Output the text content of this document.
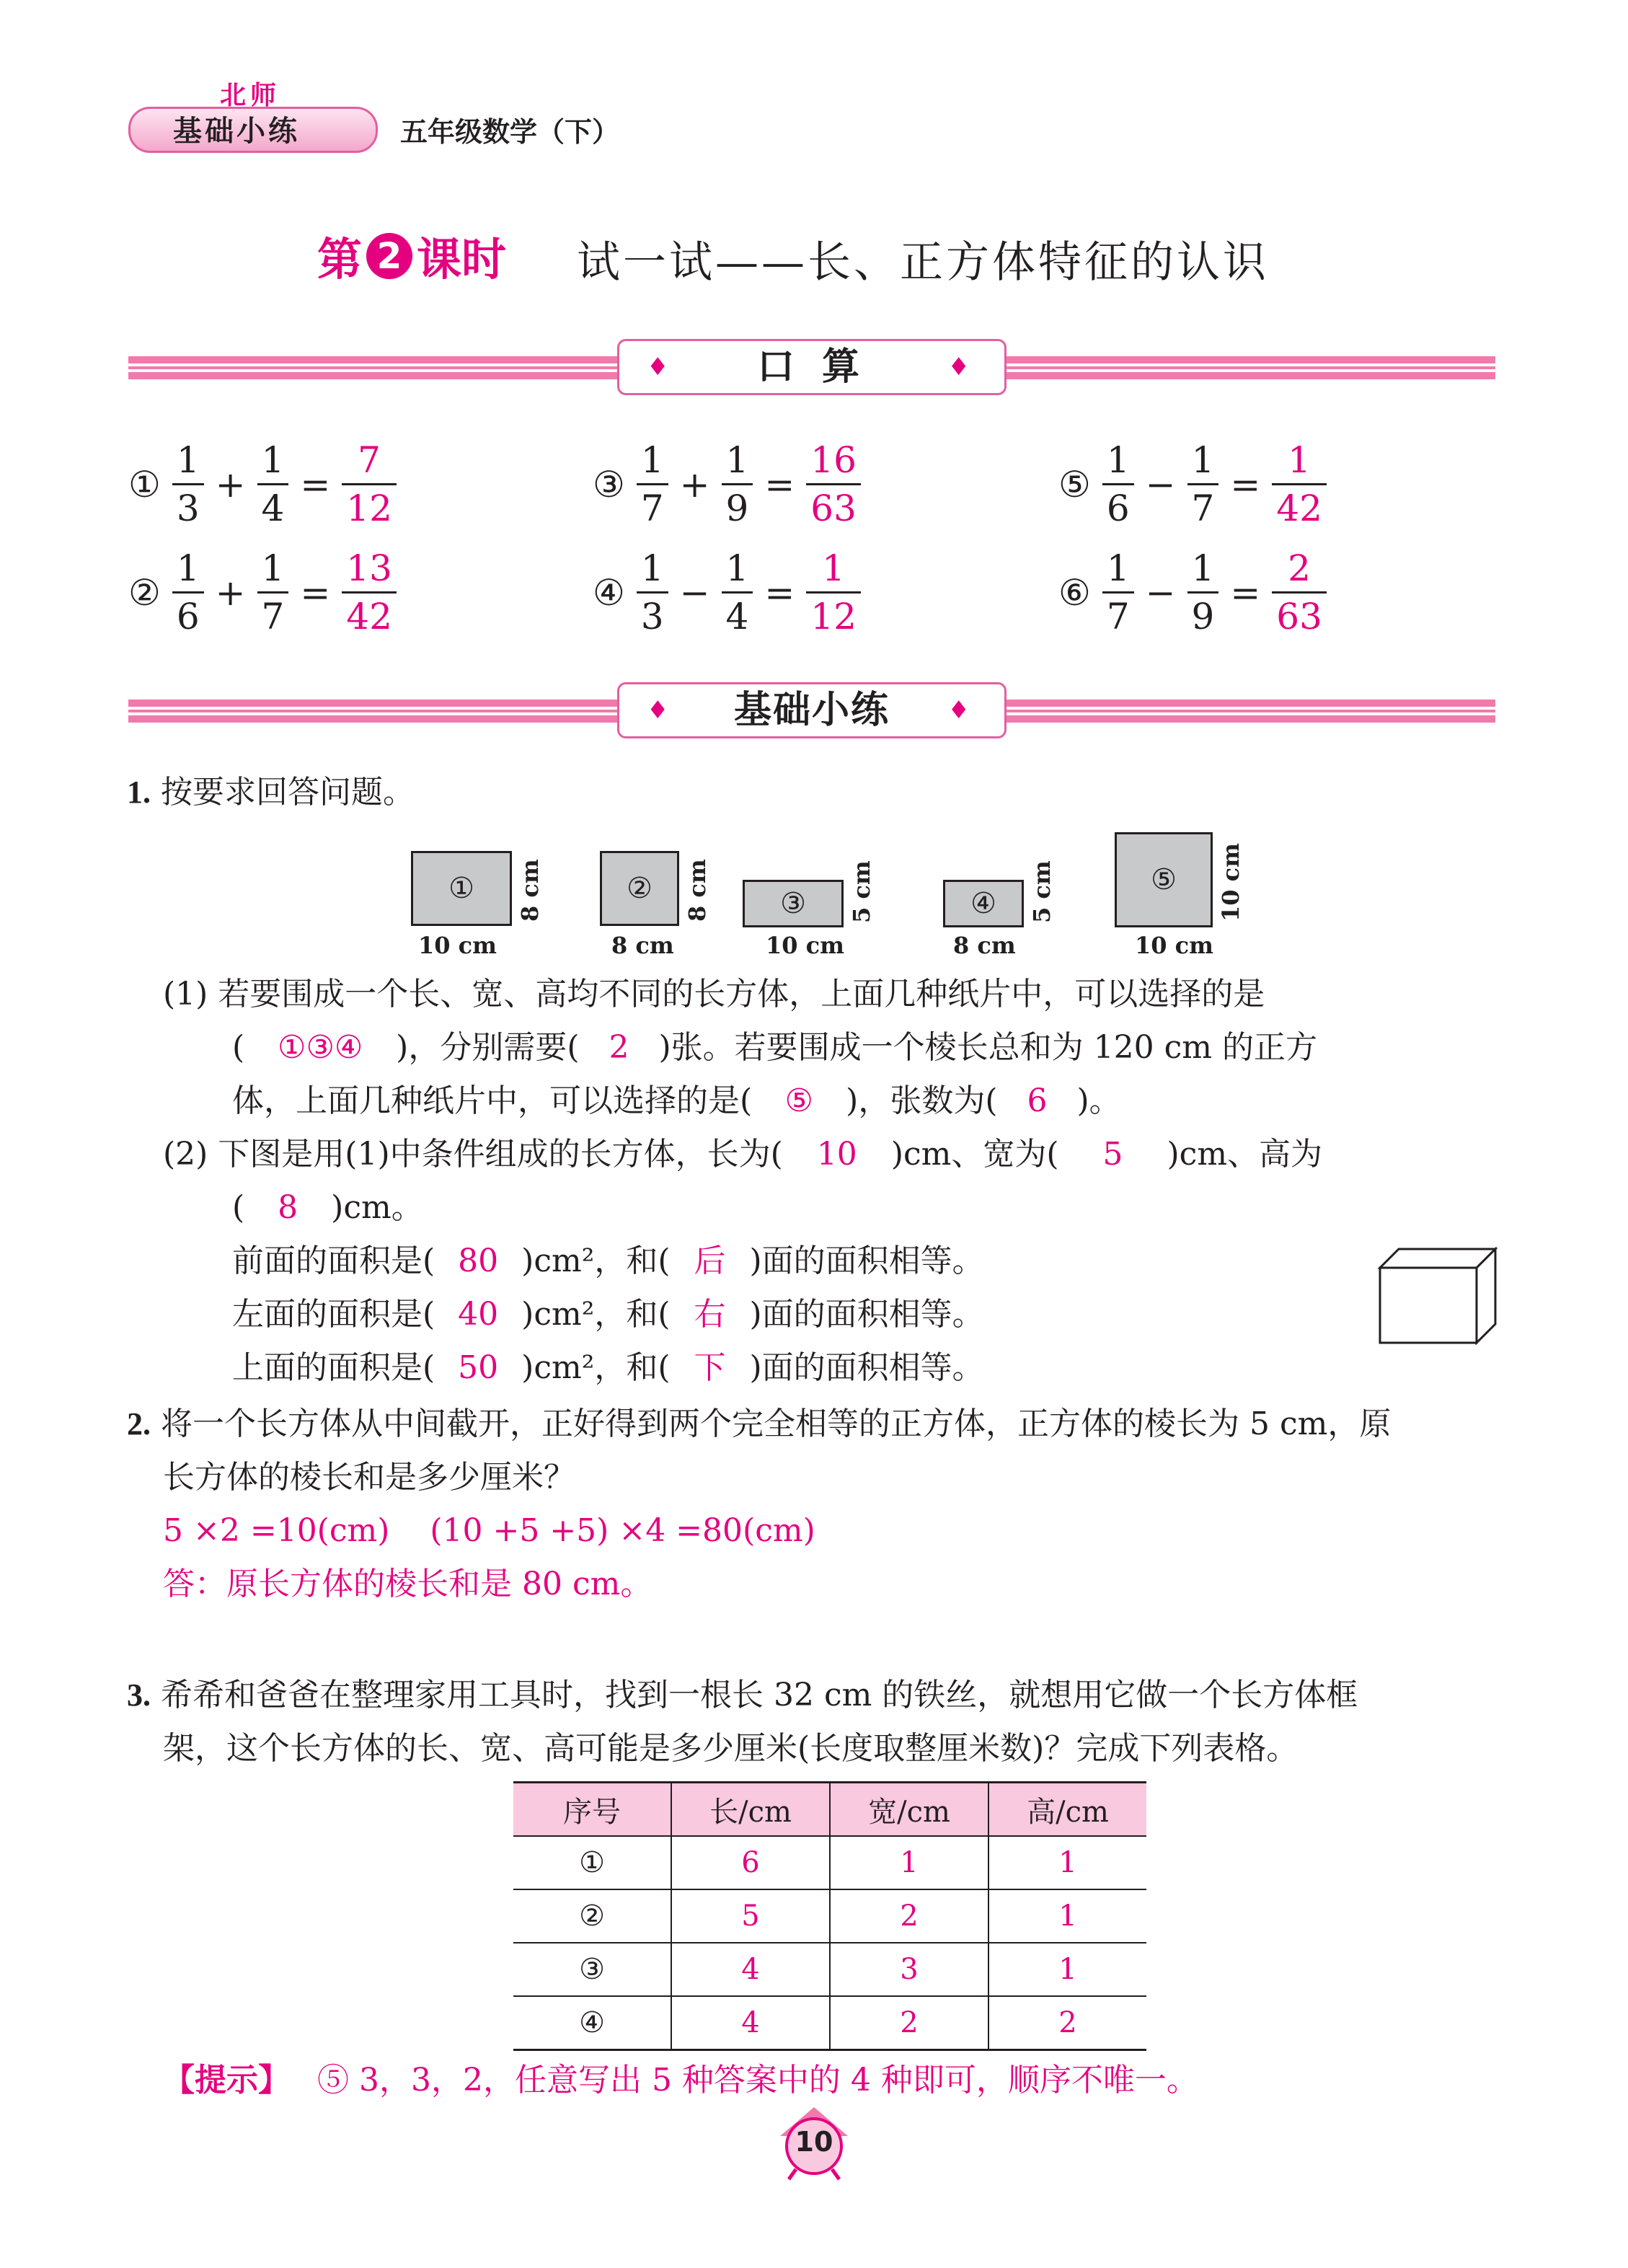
北师
基础小练	五年级数学（下）
第 2 课时 试一试——长、正方体特征的认识
♦ 口 算	♦
① $\frac{1}{3} + \frac{1}{4} = \frac{7}{12}$
② $\frac{1}{6} + \frac{1}{7} = \frac{13}{42}$
③ $\frac{1}{7} + \frac{1}{9} = \frac{16}{63}$
④ $\frac{1}{3} - \frac{1}{4} = \frac{1}{12}$
⑤ $\frac{1}{6} - \frac{1}{7} = \frac{1}{42}$
⑥ $\frac{1}{7} - \frac{1}{9} = \frac{2}{63}$
♦ 基础小练 ♦
1. 按要求回答问题。
①
10 cm
8 cm	②
8 cm
8 cm ③
10 cm
5 cm	④
8 cm
5 cm	⑤
10 cm
10 cm
(1) 若要围成一个长、宽、高均不同的长方体，上面几种纸片中，可以选择的是
( ①③④ )，分别需要( 2 )张。若要围成一个棱长总和为 120 cm 的正方
体，上面几种纸片中，可以选择的是( ⑤ )，张数为( 6 )。
(2) 下图是用(1)中条件组成的长方体，长为( 10 )cm、宽为( 5 )cm、高为
( 8 )cm。
前面的面积是( 80 )cm²，和( 后 )面的面积相等。
左面的面积是( 40 )cm²，和( 右 )面的面积相等。
上面的面积是( 50 )cm²，和( 下 )面的面积相等。
2. 将一个长方体从中间截开，正好得到两个完全相等的正方体，正方体的棱长为 5 cm，原
长方体的棱长和是多少厘米？
5 ×2 =10(cm)    (10 +5 +5) ×4 =80(cm)
答：原长方体的棱长和是 80 cm。
3. 希希和爸爸在整理家用工具时，找到一根长 32 cm 的铁丝，就想用它做一个长方体框
架，这个长方体的长、宽、高可能是多少厘米(长度取整厘米数)？完成下列表格。
序号	长/cm	宽/cm	高/cm
①	6	1	1
②	5	2	1
③	4	3	1
④	4	2	2
【提示】 ⑤ 3，3，2，任意写出 5 种答案中的 4 种即可，顺序不唯一。
10
